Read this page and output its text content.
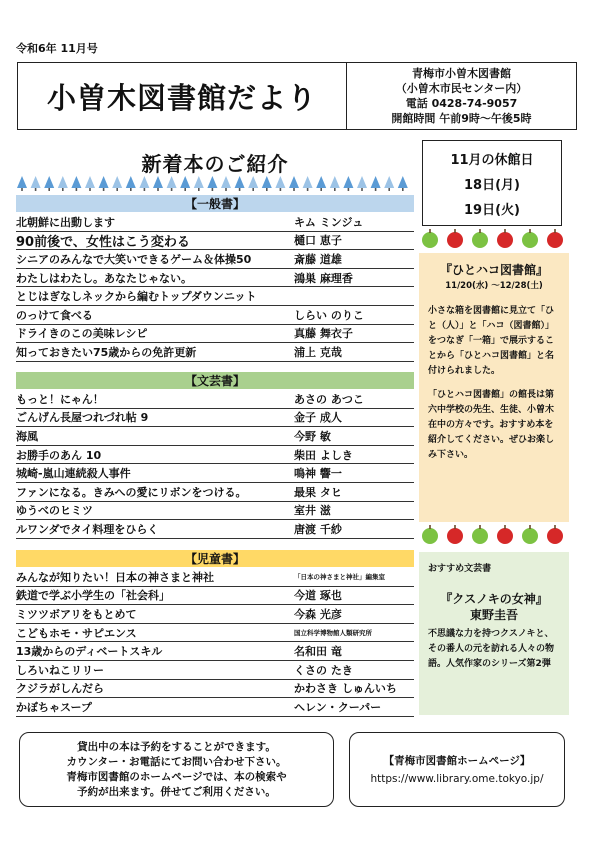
令和6年 11月号
小曽木図書館だより
青梅市小曽木図書館
（小曽木市民センター内）
電話 0428-74-9057
開館時間 午前9時～午後5時
新着本のご紹介
【一般書】
北朝鮮に出動します	キム ミンジュ
90前後で、女性はこう変わる	樋口 恵子
シニアのみんなで大笑いできるゲーム＆体操50	斎藤 道雄
わたしはわたし。あなたじゃない。	鴻巣 麻理香
とじはぎなしネックから編むトップダウンニット
のっけて食べる	しらい のりこ
ドライきのこの美味レシピ	真藤 舞衣子
知っておきたい75歳からの免許更新	浦上 克哉
【文芸書】
もっと！にゃん！	あさの あつこ
ごんげん長屋つれづれ帖 9	金子 成人
海風	今野 敏
お勝手のあん 10	柴田 よしき
城崎-嵐山連続殺人事件	鳴神 響一
ファンになる。きみへの愛にリボンをつける。	最果 タヒ
ゆうべのヒミツ	室井 滋
ルワンダでタイ料理をひらく	唐渡 千紗
【児童書】
みんなが知りたい！日本の神さまと神社	「日本の神さまと神社」編集室
鉄道で学ぶ小学生の「社会科」	今道 琢也
ミツツボアリをもとめて	今森 光彦
こどもホモ・サピエンス	国立科学博物館人類研究所
13歳からのディベートスキル	名和田 竜
しろいねこリリー	くさの たき
クジラがしんだら	かわさき しゅんいち
かぼちゃスープ	ヘレン・クーパー
11月の休館日
18日(月)
19日(火)
『ひとハコ図書館』
11/20(水) ～12/28(土)

小さな箱を図書館に見立て「ひと（人）」と「ハコ（図書館）」をつなぎ「一箱」で展示することから「ひとハコ図書館」と名付けられました。

「ひとハコ図書館」の館長は第六中学校の先生、生徒、小曽木在中の方々です。おすすめ本を紹介してください。ぜひお楽しみ下さい。

おすすめ文芸書
『クスノキの女神』
東野圭吾
不思議な力を持つクスノキと、その番人の元を訪れる人々の物語。人気作家のシリーズ第2弾
貸出中の本は予約をすることができます。
カウンター・お電話にてお問い合わせ下さい。
青梅市図書館のホームページでは、本の検索や
予約が出来ます。併せてご利用ください。
【青梅市図書館ホームページ】
https://www.library.ome.tokyo.jp/
